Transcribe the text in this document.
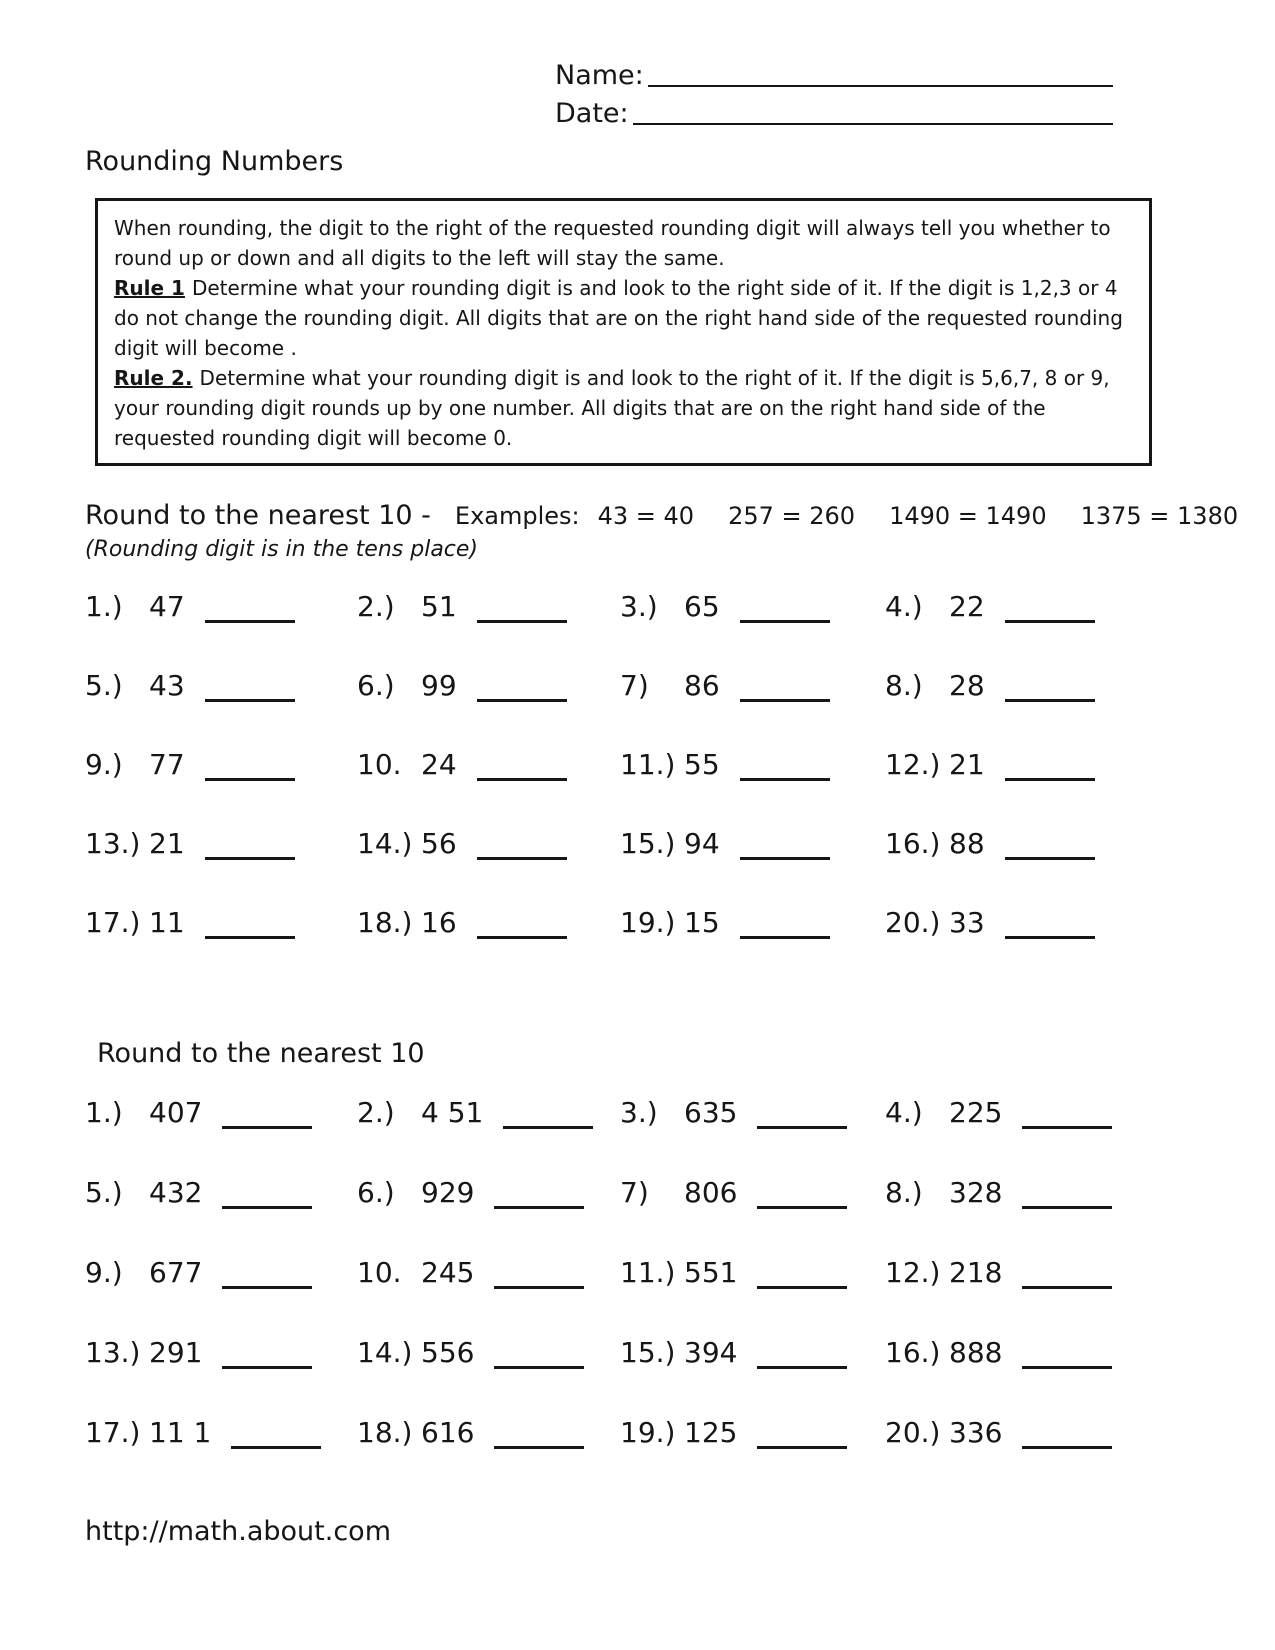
Name:
Date:
Rounding Numbers

When rounding, the digit to the right of the requested rounding digit will always tell you whether to round up or down and all digits to the left will stay the same.

Rule 1 Determine what your rounding digit is and look to the right side of it. If the digit is 1,2,3 or 4 do not change the rounding digit. All digits that are on the right hand side of the requested rounding digit will become .

Rule 2. Determine what your rounding digit is and look to the right of it. If the digit is 5,6,7, 8 or 9, your rounding digit rounds up by one number. All digits that are on the right hand side of the requested rounding digit will become 0.

Round to the nearest 10 - Examples: 43 = 40 257 = 260 1490 = 1490 1375 = 1380
(Rounding digit is in the tens place)
1.) 47	2.) 51	3.) 65	4.) 22
5.) 43	6.) 99	7)	86	8.) 28
9.) 77	10. 24	11.) 55	12.) 21
13.) 21	14.) 56	15.) 94	16.) 88
17.) 11	18.) 16	19.) 15	20.) 33
Round to the nearest 10
1.) 407	2.) 4 51	3.) 635	4.) 225
5.) 432	6.) 929	7)	806	8.) 328
9.) 677	10. 245	11.) 551	12.) 218
13.) 291	14.) 556	15.) 394	16.) 888
17.) 11 1	18.) 616	19.) 125	20.) 336
http://math.about.com
